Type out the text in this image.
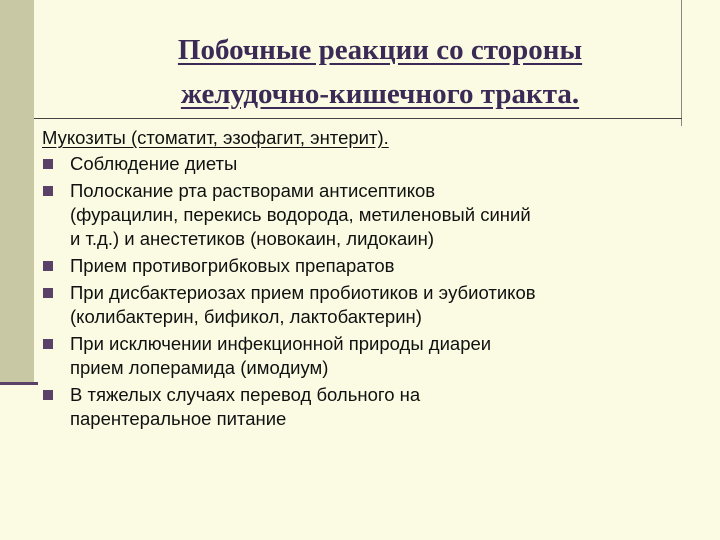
Побочные реакции со стороны
желудочно-кишечного тракта.
Мукозиты (стоматит, эзофагит, энтерит).
Соблюдение диеты
Полоскание рта растворами антисептиков
(фурацилин, перекись водорода, метиленовый синий
и т.д.) и анестетиков (новокаин, лидокаин)
Прием противогрибковых препаратов
При дисбактериозах прием пробиотиков и эубиотиков
(колибактерин, бификол, лактобактерин)
При исключении инфекционной природы диареи
прием лоперамида (имодиум)
В тяжелых случаях перевод больного на
парентеральное питание
